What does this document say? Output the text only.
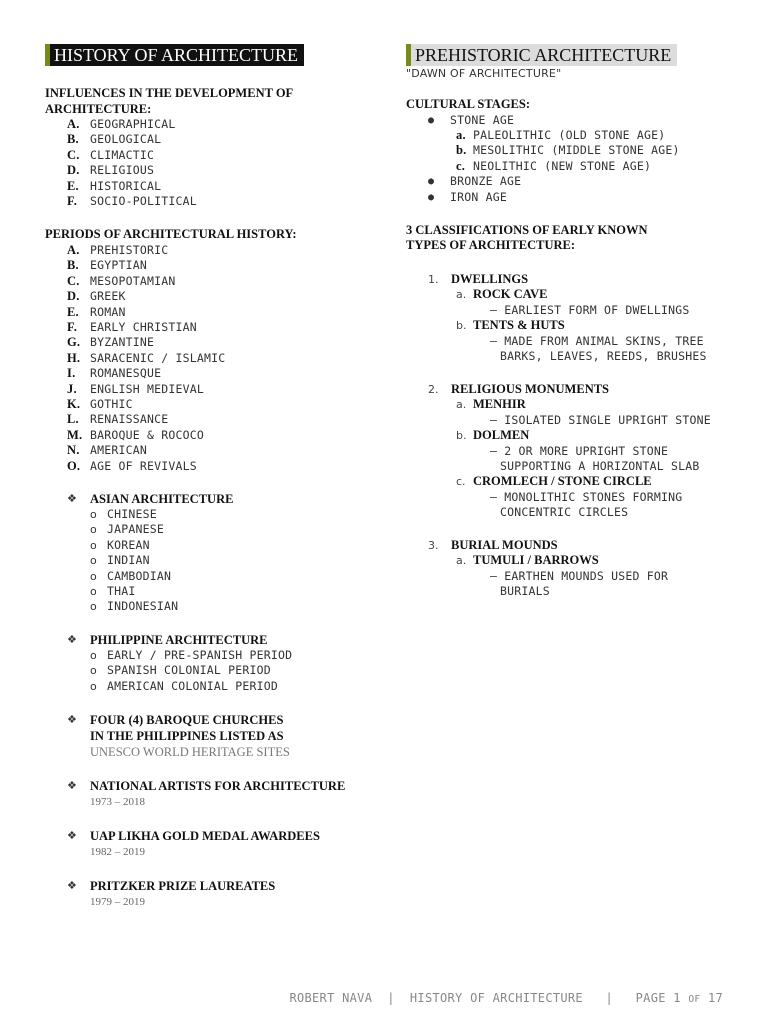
HISTORY OF ARCHITECTURE
INFLUENCES IN THE DEVELOPMENT OF ARCHITECTURE:
A. GEOGRAPHICAL
B. GEOLOGICAL
C. CLIMACTIC
D. RELIGIOUS
E. HISTORICAL
F. SOCIO-POLITICAL
PERIODS OF ARCHITECTURAL HISTORY:
A. PREHISTORIC
B. EGYPTIAN
C. MESOPOTAMIAN
D. GREEK
E. ROMAN
F. EARLY CHRISTIAN
G. BYZANTINE
H. SARACENIC / ISLAMIC
I. ROMANESQUE
J. ENGLISH MEDIEVAL
K. GOTHIC
L. RENAISSANCE
M. BAROQUE & ROCOCO
N. AMERICAN
O. AGE OF REVIVALS
❖ ASIAN ARCHITECTURE
o CHINESE
o JAPANESE
o KOREAN
o INDIAN
o CAMBODIAN
o THAI
o INDONESIAN
❖ PHILIPPINE ARCHITECTURE
o EARLY / PRE-SPANISH PERIOD
o SPANISH COLONIAL PERIOD
o AMERICAN COLONIAL PERIOD
❖ FOUR (4) BAROQUE CHURCHES
IN THE PHILIPPINES LISTED AS
UNESCO WORLD HERITAGE SITES
❖ NATIONAL ARTISTS FOR ARCHITECTURE
1973 – 2018
❖ UAP LIKHA GOLD MEDAL AWARDEES
1982 – 2019
❖ PRITZKER PRIZE LAUREATES
1979 – 2019
PREHISTORIC ARCHITECTURE
"DAWN OF ARCHITECTURE"
CULTURAL STAGES:
● STONE AGE
a. PALEOLITHIC (OLD STONE AGE)
b. MESOLITHIC (MIDDLE STONE AGE)
c. NEOLITHIC (NEW STONE AGE)
● BRONZE AGE
● IRON AGE
3 CLASSIFICATIONS OF EARLY KNOWN TYPES OF ARCHITECTURE:
1. DWELLINGS
a. ROCK CAVE
– EARLIEST FORM OF DWELLINGS
b. TENTS & HUTS
– MADE FROM ANIMAL SKINS, TREE
BARKS, LEAVES, REEDS, BRUSHES
2. RELIGIOUS MONUMENTS
a. MENHIR
– ISOLATED SINGLE UPRIGHT STONE
b. DOLMEN
– 2 OR MORE UPRIGHT STONE
SUPPORTING A HORIZONTAL SLAB
c. CROMLECH / STONE CIRCLE
– MONOLITHIC STONES FORMING
CONCENTRIC CIRCLES
3. BURIAL MOUNDS
a. TUMULI / BARROWS
– EARTHEN MOUNDS USED FOR
BURIALS
ROBERT NAVA | HISTORY OF ARCHITECTURE | PAGE 1 OF 17
